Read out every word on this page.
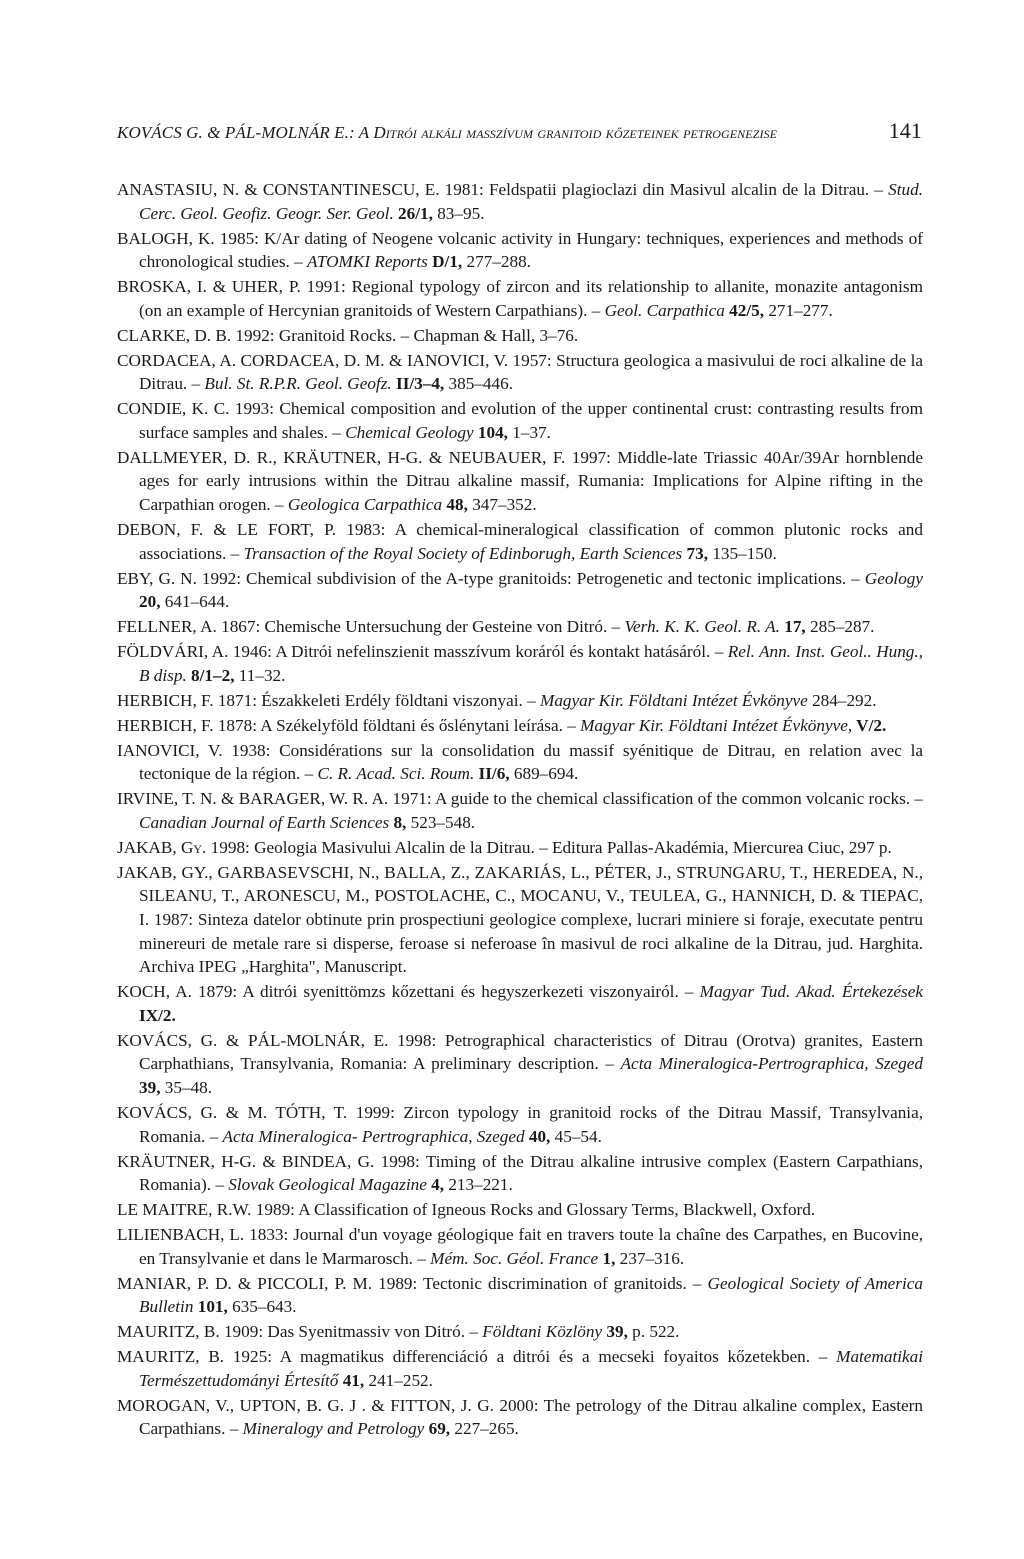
KOVÁCS G. & PÁL-MOLNÁR E.: A Ditrói alkáli masszívum granitoid kőzeteinek petrogenezise	141

ANASTASIU, N. & CONSTANTINESCU, E. 1981: Feldspatii plagioclazi din Masivul alcalin de la Ditrau. – Stud. Cerc. Geol. Geofiz. Geogr. Ser. Geol. 26/1, 83–95.

BALOGH, K. 1985: K/Ar dating of Neogene volcanic activity in Hungary: techniques, experiences and methods of chronological studies. – ATOMKI Reports D/1, 277–288.

BROSKA, I. & UHER, P. 1991: Regional typology of zircon and its relationship to allanite, monazite antagonism (on an example of Hercynian granitoids of Western Carpathians). – Geol. Carpathica 42/5, 271–277.

CLARKE, D. B. 1992: Granitoid Rocks. – Chapman & Hall, 3–76.

CORDACEA, A. CORDACEA, D. M. & IANOVICI, V. 1957: Structura geologica a masivului de roci alkaline de la Ditrau. – Bul. St. R.P.R. Geol. Geofz. II/3–4, 385–446.

CONDIE, K. C. 1993: Chemical composition and evolution of the upper continental crust: contrasting results from surface samples and shales. – Chemical Geology 104, 1–37.

DALLMEYER, D. R., KRÄUTNER, H-G. & NEUBAUER, F. 1997: Middle-late Triassic 40Ar/39Ar hornblende ages for early intrusions within the Ditrau alkaline massif, Rumania: Implications for Alpine rifting in the Carpathian orogen. – Geologica Carpathica 48, 347–352.

DEBON, F. & LE FORT, P. 1983: A chemical-mineralogical classification of common plutonic rocks and associations. – Transaction of the Royal Society of Edinborugh, Earth Sciences 73, 135–150.

EBY, G. N. 1992: Chemical subdivision of the A-type granitoids: Petrogenetic and tectonic implications. – Geology 20, 641–644.

FELLNER, A. 1867: Chemische Untersuchung der Gesteine von Ditró. – Verh. K. K. Geol. R. A. 17, 285–287.

FÖLDVÁRI, A. 1946: A Ditrói nefelinszienit masszívum koráról és kontakt hatásáról. – Rel. Ann. Inst. Geol.. Hung., B disp. 8/1–2, 11–32.

HERBICH, F. 1871: Északkeleti Erdély földtani viszonyai. – Magyar Kir. Földtani Intézet Évkönyve 284–292.

HERBICH, F. 1878: A Székelyföld földtani és őslénytani leírása. – Magyar Kir. Földtani Intézet Évkönyve, V/2.

IANOVICI, V. 1938: Considérations sur la consolidation du massif syénitique de Ditrau, en relation avec la tectonique de la région. – C. R. Acad. Sci. Roum. II/6, 689–694.

IRVINE, T. N. & BARAGER, W. R. A. 1971: A guide to the chemical classification of the common volcanic rocks. – Canadian Journal of Earth Sciences 8, 523–548.

JAKAB, Gy. 1998: Geologia Masivului Alcalin de la Ditrau. – Editura Pallas-Akadémia, Miercurea Ciuc, 297 p.

JAKAB, GY., GARBASEVSCHI, N., BALLA, Z., ZAKARIÁS, L., PÉTER, J., STRUNGARU, T., HEREDEA, N., SILEANU, T., ARONESCU, M., POSTOLACHE, C., MOCANU, V., TEULEA, G., HANNICH, D. & TIEPAC, I. 1987: Sinteza datelor obtinute prin prospectiuni geologice complexe, lucrari miniere si foraje, executate pentru minereuri de metale rare si disperse, feroase si neferoase în masivul de roci alkaline de la Ditrau, jud. Harghita. Archiva IPEG „Harghita", Manuscript.

KOCH, A. 1879: A ditrói syenittömzs kőzettani és hegyszerkezeti viszonyairól. – Magyar Tud. Akad. Értekezések IX/2.

KOVÁCS, G. & PÁL-MOLNÁR, E. 1998: Petrographical characteristics of Ditrau (Orotva) granites, Eastern Carphathians, Transylvania, Romania: A preliminary description. – Acta Mineralogica-Pertrographica, Szeged 39, 35–48.

KOVÁCS, G. & M. TÓTH, T. 1999: Zircon typology in granitoid rocks of the Ditrau Massif, Transylvania, Romania. – Acta Mineralogica- Pertrographica, Szeged 40, 45–54.

KRÄUTNER, H-G. & BINDEA, G. 1998: Timing of the Ditrau alkaline intrusive complex (Eastern Carpathians, Romania). – Slovak Geological Magazine 4, 213–221.

LE MAITRE, R.W. 1989: A Classification of Igneous Rocks and Glossary Terms, Blackwell, Oxford.

LILIENBACH, L. 1833: Journal d'un voyage géologique fait en travers toute la chaîne des Carpathes, en Bucovine, en Transylvanie et dans le Marmarosch. – Mém. Soc. Géol. France 1, 237–316.

MANIAR, P. D. & PICCOLI, P. M. 1989: Tectonic discrimination of granitoids. – Geological Society of America Bulletin 101, 635–643.

MAURITZ, B. 1909: Das Syenitmassiv von Ditró. – Földtani Közlöny 39, p. 522.

MAURITZ, B. 1925: A magmatikus differenciáció a ditrói és a mecseki foyaitos kőzetekben. – Matematikai Természettudományi Értesítő 41, 241–252.

MOROGAN, V., UPTON, B. G. J . & FITTON, J. G. 2000: The petrology of the Ditrau alkaline complex, Eastern Carpathians. – Mineralogy and Petrology 69, 227–265.
